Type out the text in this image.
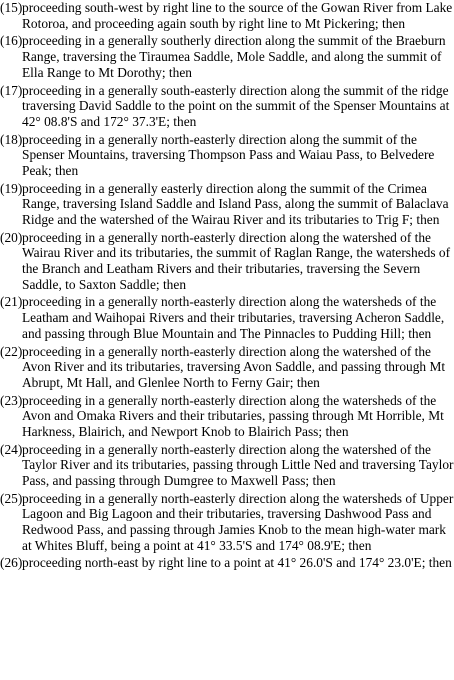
(15) proceeding south-west by right line to the source of the Gowan River from Lake Rotoroa, and proceeding again south by right line to Mt Pickering; then
(16) proceeding in a generally southerly direction along the summit of the Braeburn Range, traversing the Tiraumea Saddle, Mole Saddle, and along the summit of Ella Range to Mt Dorothy; then
(17) proceeding in a generally south-easterly direction along the summit of the ridge traversing David Saddle to the point on the summit of the Spenser Mountains at 42° 08.8'S and 172° 37.3'E; then
(18) proceeding in a generally north-easterly direction along the summit of the Spenser Mountains, traversing Thompson Pass and Waiau Pass, to Belvedere Peak; then
(19) proceeding in a generally easterly direction along the summit of the Crimea Range, traversing Island Saddle and Island Pass, along the summit of Balaclava Ridge and the watershed of the Wairau River and its tributaries to Trig F; then
(20) proceeding in a generally north-easterly direction along the watershed of the Wairau River and its tributaries, the summit of Raglan Range, the watersheds of the Branch and Leatham Rivers and their tributaries, traversing the Severn Saddle, to Saxton Saddle; then
(21) proceeding in a generally north-easterly direction along the watersheds of the Leatham and Waihopai Rivers and their tributaries, traversing Acheron Saddle, and passing through Blue Mountain and The Pinnacles to Pudding Hill; then
(22) proceeding in a generally north-easterly direction along the watershed of the Avon River and its tributaries, traversing Avon Saddle, and passing through Mt Abrupt, Mt Hall, and Glenlee North to Ferny Gair; then
(23) proceeding in a generally north-easterly direction along the watersheds of the Avon and Omaka Rivers and their tributaries, passing through Mt Horrible, Mt Harkness, Blairich, and Newport Knob to Blairich Pass; then
(24) proceeding in a generally north-easterly direction along the watershed of the Taylor River and its tributaries, passing through Little Ned and traversing Taylor Pass, and passing through Dumgree to Maxwell Pass; then
(25) proceeding in a generally north-easterly direction along the watersheds of Upper Lagoon and Big Lagoon and their tributaries, traversing Dashwood Pass and Redwood Pass, and passing through Jamies Knob to the mean high-water mark at Whites Bluff, being a point at 41° 33.5'S and 174° 08.9'E; then
(26) proceeding north-east by right line to a point at 41° 26.0'S and 174° 23.0'E; then
